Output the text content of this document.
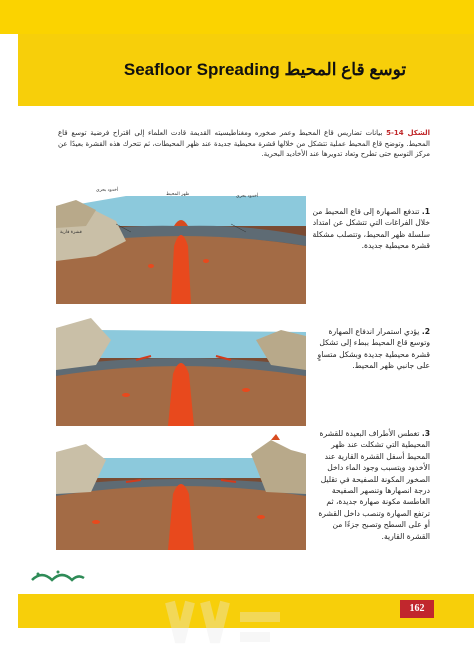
Seafloor Spreading توسع قاع المحيط
الشكل 14-5 بيانات تضاريس قاع المحيط وعمر صخوره ومغناطيسيته القديمة قادت العلماء إلى اقتراح فرضية توسع قاع المحيط. وتوضح قاع المحيط عملية تتشكل من خلالها قشرة محيطية جديدة عند ظهر المحيطات، ثم تتحرك هذه القشرة بعيدًا عن مركز التوسع حتى تطرح وتعاد تدويرها عند الأخاديد البحرية.
أخدود بحري
ظهر المحيط	أخدود بحري
قشرة قارية
1. تندفع الصهارة إلى قاع المحيط من خلال الفراغات التي تتشكل عن امتداد سلسلة ظهر المحيط، وتتصلب مشكلة قشرة محيطية جديدة.
2. يؤدي استمرار اندفاع الصهارة وتوسع قاع المحيط ببطء إلى تشكل قشرة محيطية جديدة وبشكل متساوٍ على جانبي ظهر المحيط.
3. تغطس الأطراف البعيدة للقشرة المحيطية التي تشكلت عند ظهر المحيط أسفل القشرة القارية عند الأخدود ويتسبب وجود الماء داخل الصخور المكونة للصفيحة في تقليل درجة انصهارها وتنصهر الصفيحة الغاطسة مكونة صهارة جديدة، ثم ترتفع الصهارة وتنصب داخل القشرة أو على السطح وتصبح جزءًا من القشرة القارية.
162
